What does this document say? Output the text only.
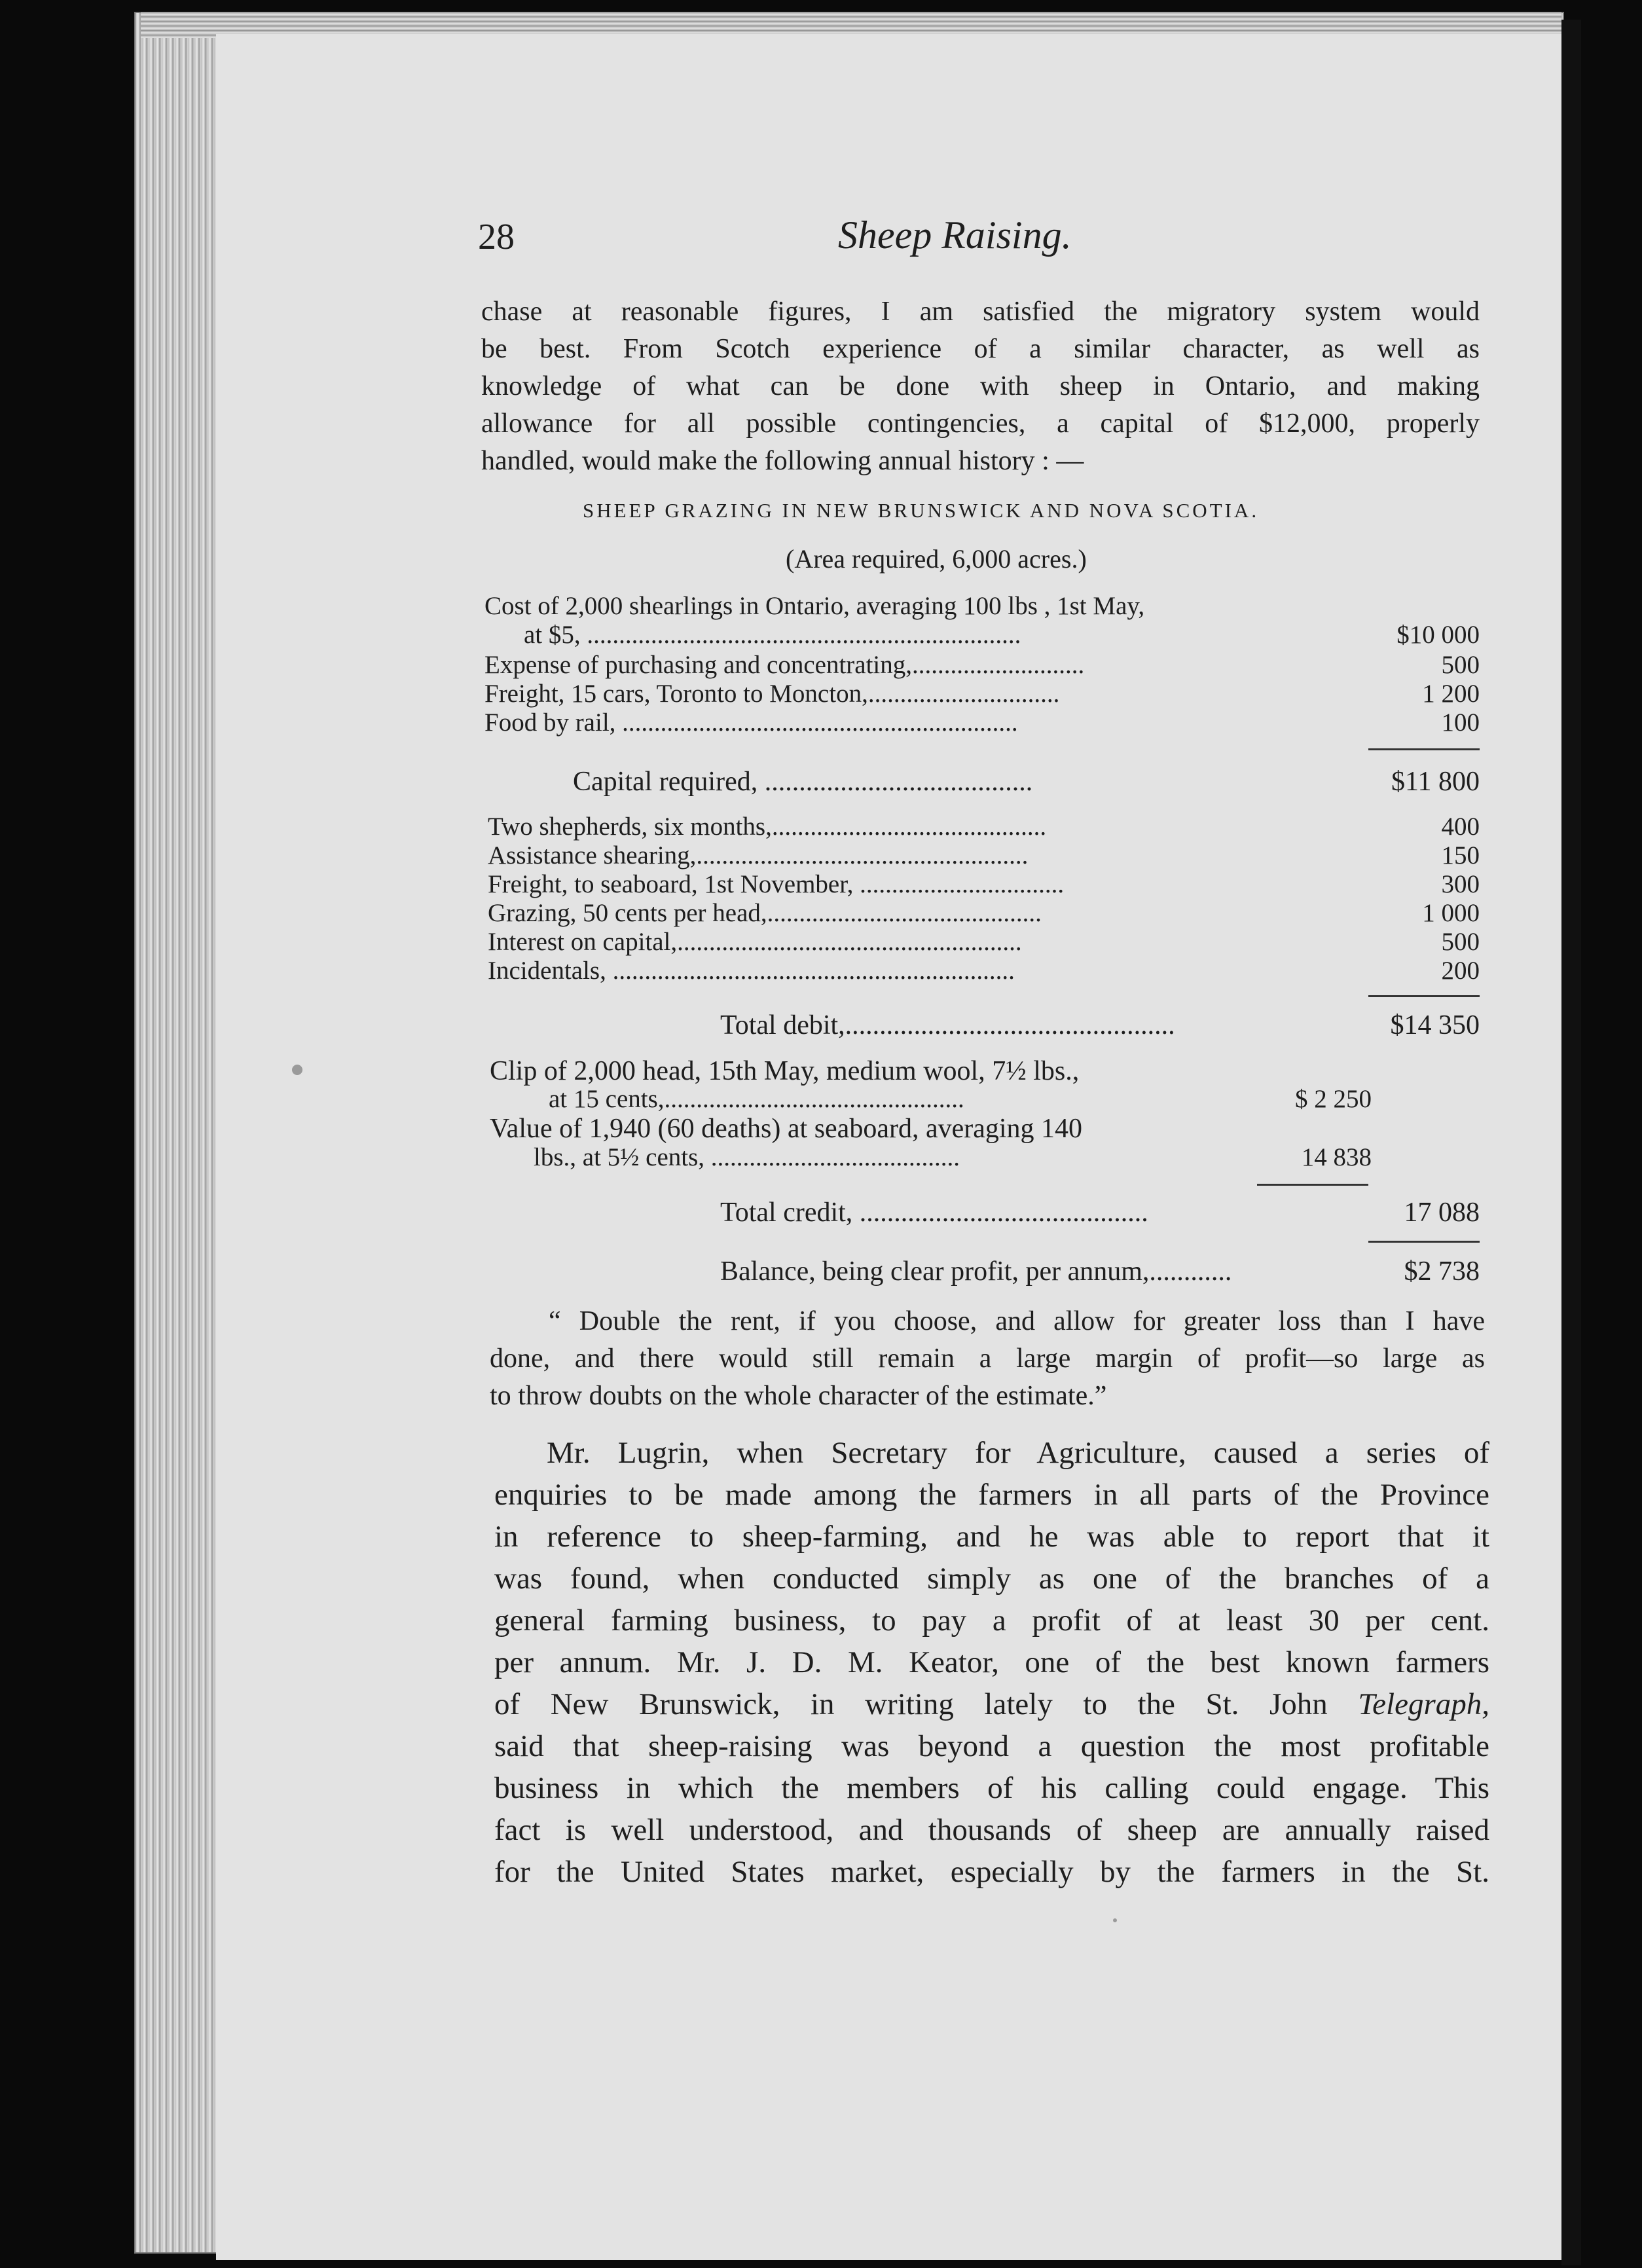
28	Sheep Raising.
chase at reasonable figures, I am satisfied the migratory system would
be best. From Scotch experience of a similar character, as well as
knowledge of what can be done with sheep in Ontario, and making
allowance for all possible contingencies, a capital of $12,000, properly
handled, would make the following annual history : —
SHEEP GRAZING IN NEW BRUNSWICK AND NOVA SCOTIA.
(Area required, 6,000 acres.)
Cost of 2,000 shearlings in Ontario, averaging 100 lbs , 1st May,
at $5, ....................................................................	$10 000
Expense of purchasing and concentrating,...........................	500
Freight, 15 cars, Toronto to Moncton,..............................	1 200
Food by rail, ..............................................................	100
Capital required, .......................................	$11 800
Two shepherds, six months,...........................................	400
Assistance shearing,....................................................	150
Freight, to seaboard, 1st November, ................................	300
Grazing, 50 cents per head,...........................................	1 000
Interest on capital,......................................................	500
Incidentals, ...............................................................	200
Total debit,................................................	$14 350
Clip of 2,000 head, 15th May, medium wool, 7½ lbs.,
at 15 cents,...............................................	$ 2 250
Value of 1,940 (60 deaths) at seaboard, averaging 140
lbs., at 5½ cents, .......................................	14 838
Total credit, ..........................................	17 088
Balance, being clear profit, per annum,............	$2 738
“ Double the rent, if you choose, and allow for greater loss than I have
done, and there would still remain a large margin of profit—so large as
to throw doubts on the whole character of the estimate.”
Mr. Lugrin, when Secretary for Agriculture, caused a series of
enquiries to be made among the farmers in all parts of the Province
in reference to sheep-farming, and he was able to report that it
was found, when conducted simply as one of the branches of a
general farming business, to pay a profit of at least 30 per cent.
per annum. Mr. J. D. M. Keator, one of the best known farmers
of New Brunswick, in writing lately to the St. John Telegraph,
said that sheep-raising was beyond a question the most profitable
business in which the members of his calling could engage. This
fact is well understood, and thousands of sheep are annually raised
for the United States market, especially by the farmers in the St.
